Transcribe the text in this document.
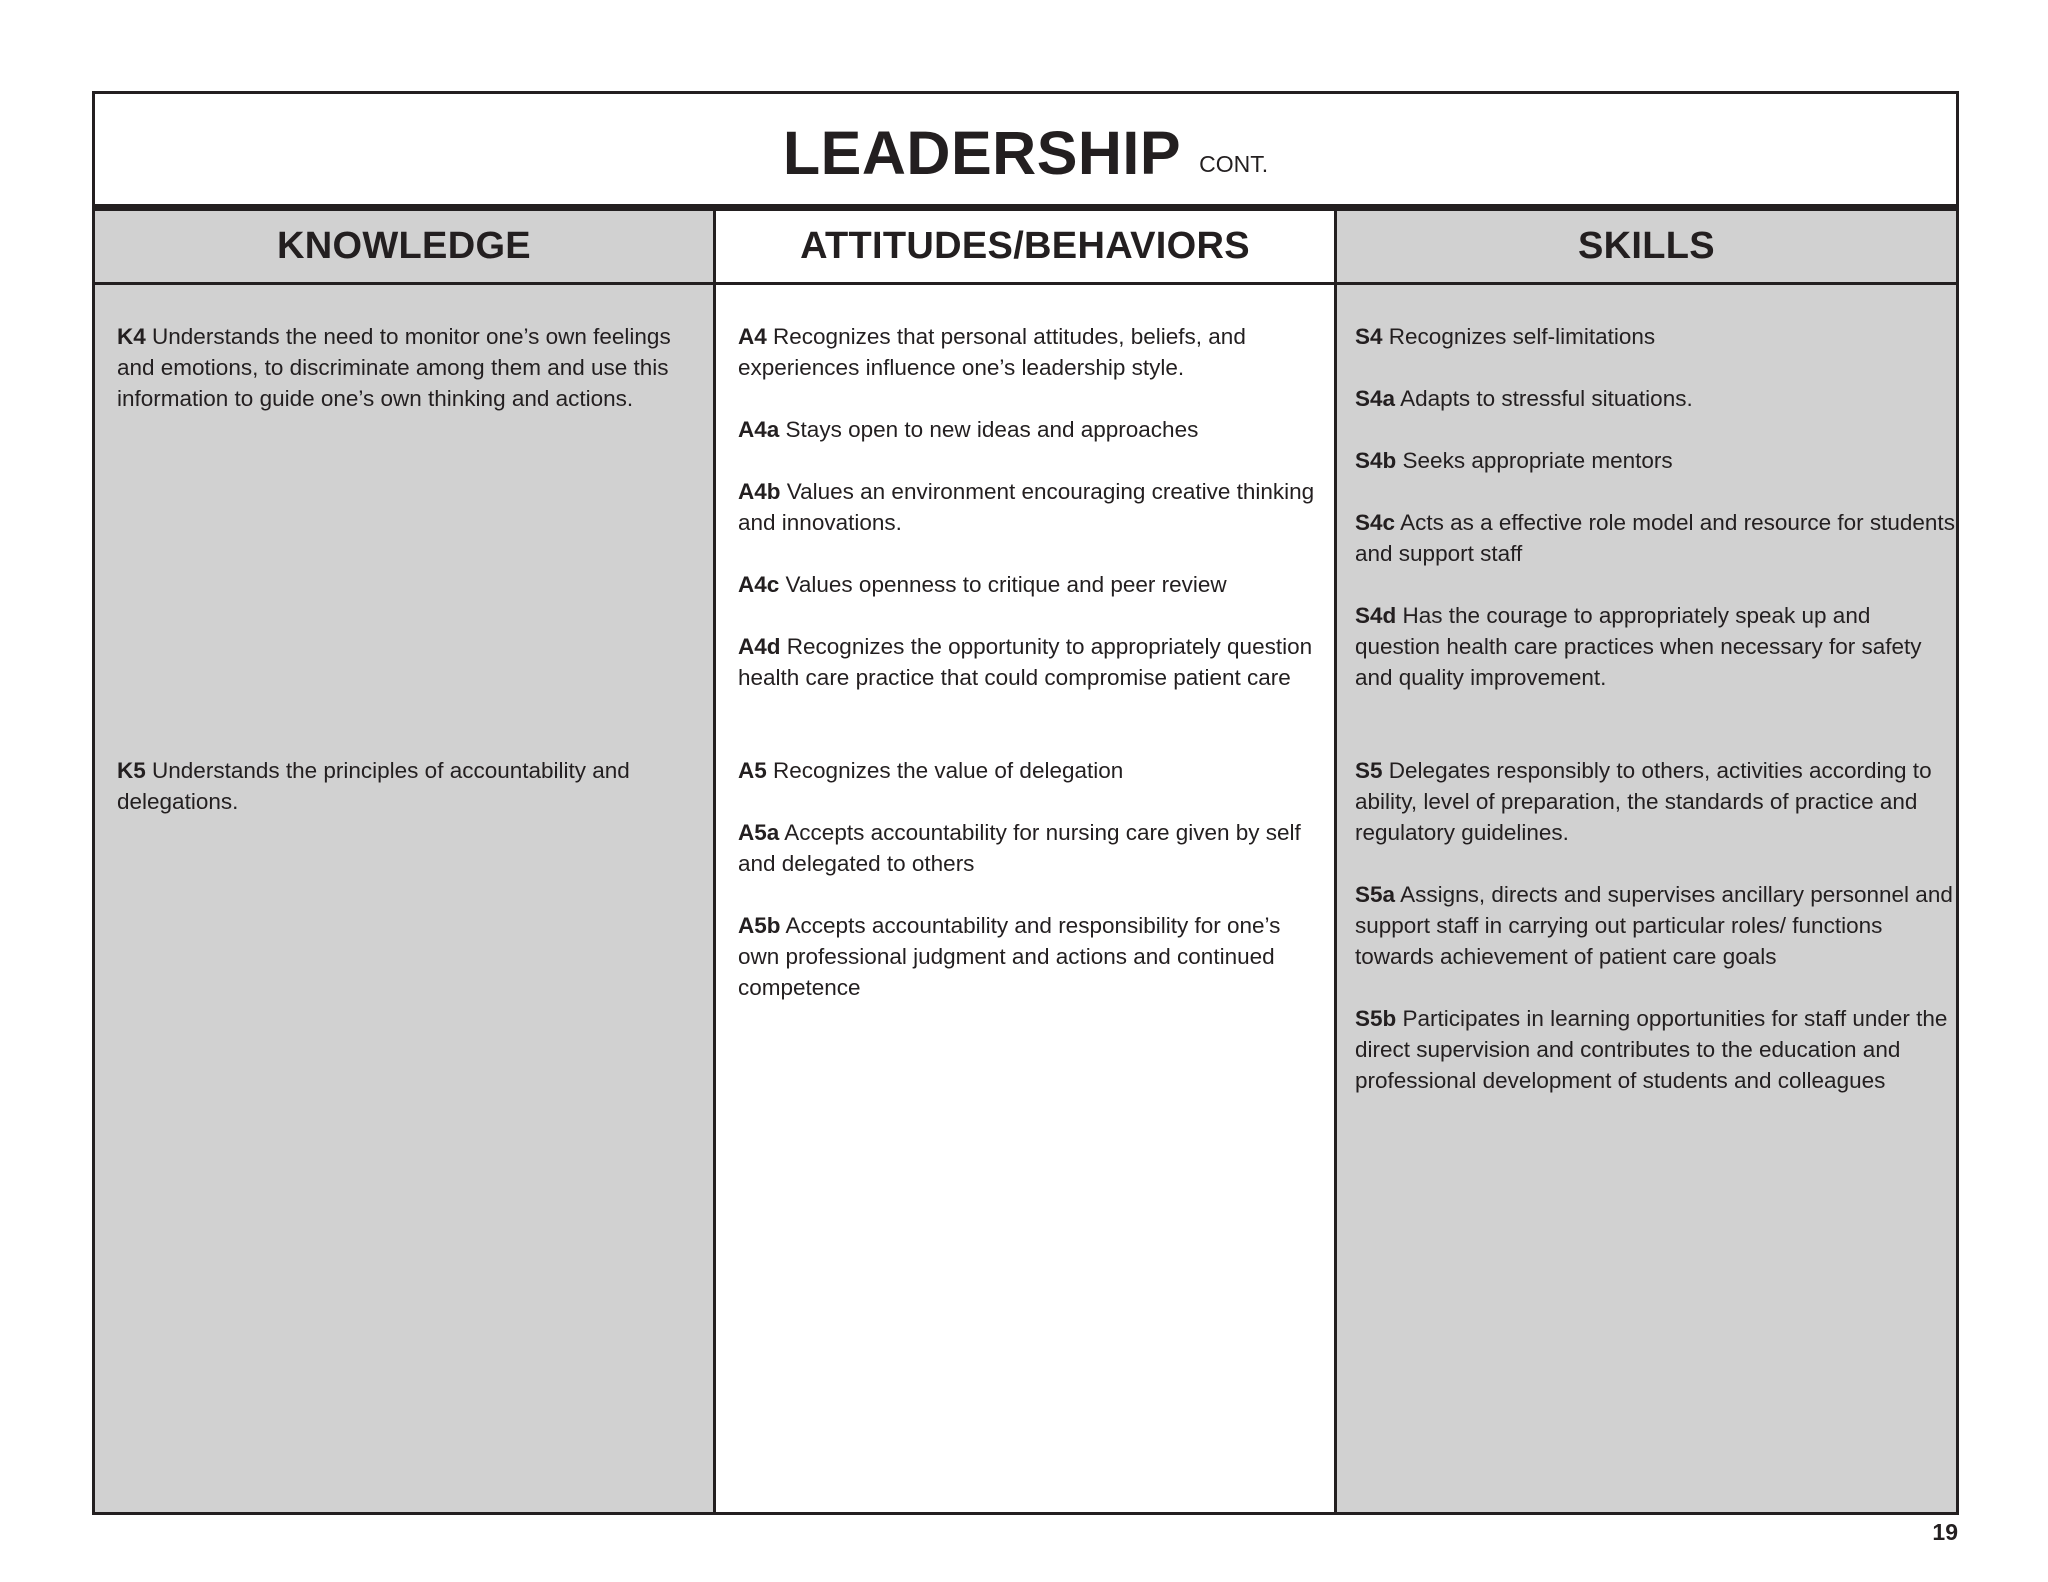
LEADERSHIP CONT.
KNOWLEDGE
K4 Understands the need to monitor one’s own feelings and emotions, to discriminate among them and use this information to guide one’s own thinking and actions.
K5 Understands the principles of accountability and delegations.
ATTITUDES/BEHAVIORS
A4 Recognizes that personal attitudes, beliefs, and experiences influence one’s leadership style.
A4a Stays open to new ideas and approaches
A4b Values an environment encouraging creative thinking and innovations.
A4c Values openness to critique and peer review
A4d Recognizes the opportunity to appropriately question health care practice that could compromise patient care
A5 Recognizes the value of delegation
A5a Accepts accountability for nursing care given by self and delegated to others
A5b Accepts accountability and responsibility for one’s own professional judgment and actions and continued competence
SKILLS
S4 Recognizes self-limitations
S4a Adapts to stressful situations.
S4b Seeks appropriate mentors
S4c Acts as a effective role model and resource for students and support staff
S4d Has the courage to appropriately speak up and question health care practices when necessary for safety and quality improvement.
S5 Delegates responsibly to others, activities according to ability, level of preparation, the standards of practice and regulatory guidelines.
S5a Assigns, directs and supervises ancillary personnel and support staff in carrying out particular roles/ functions towards achievement of patient care goals
S5b Participates in learning opportunities for staff under the direct supervision and contributes to the education and professional development of students and colleagues
19
